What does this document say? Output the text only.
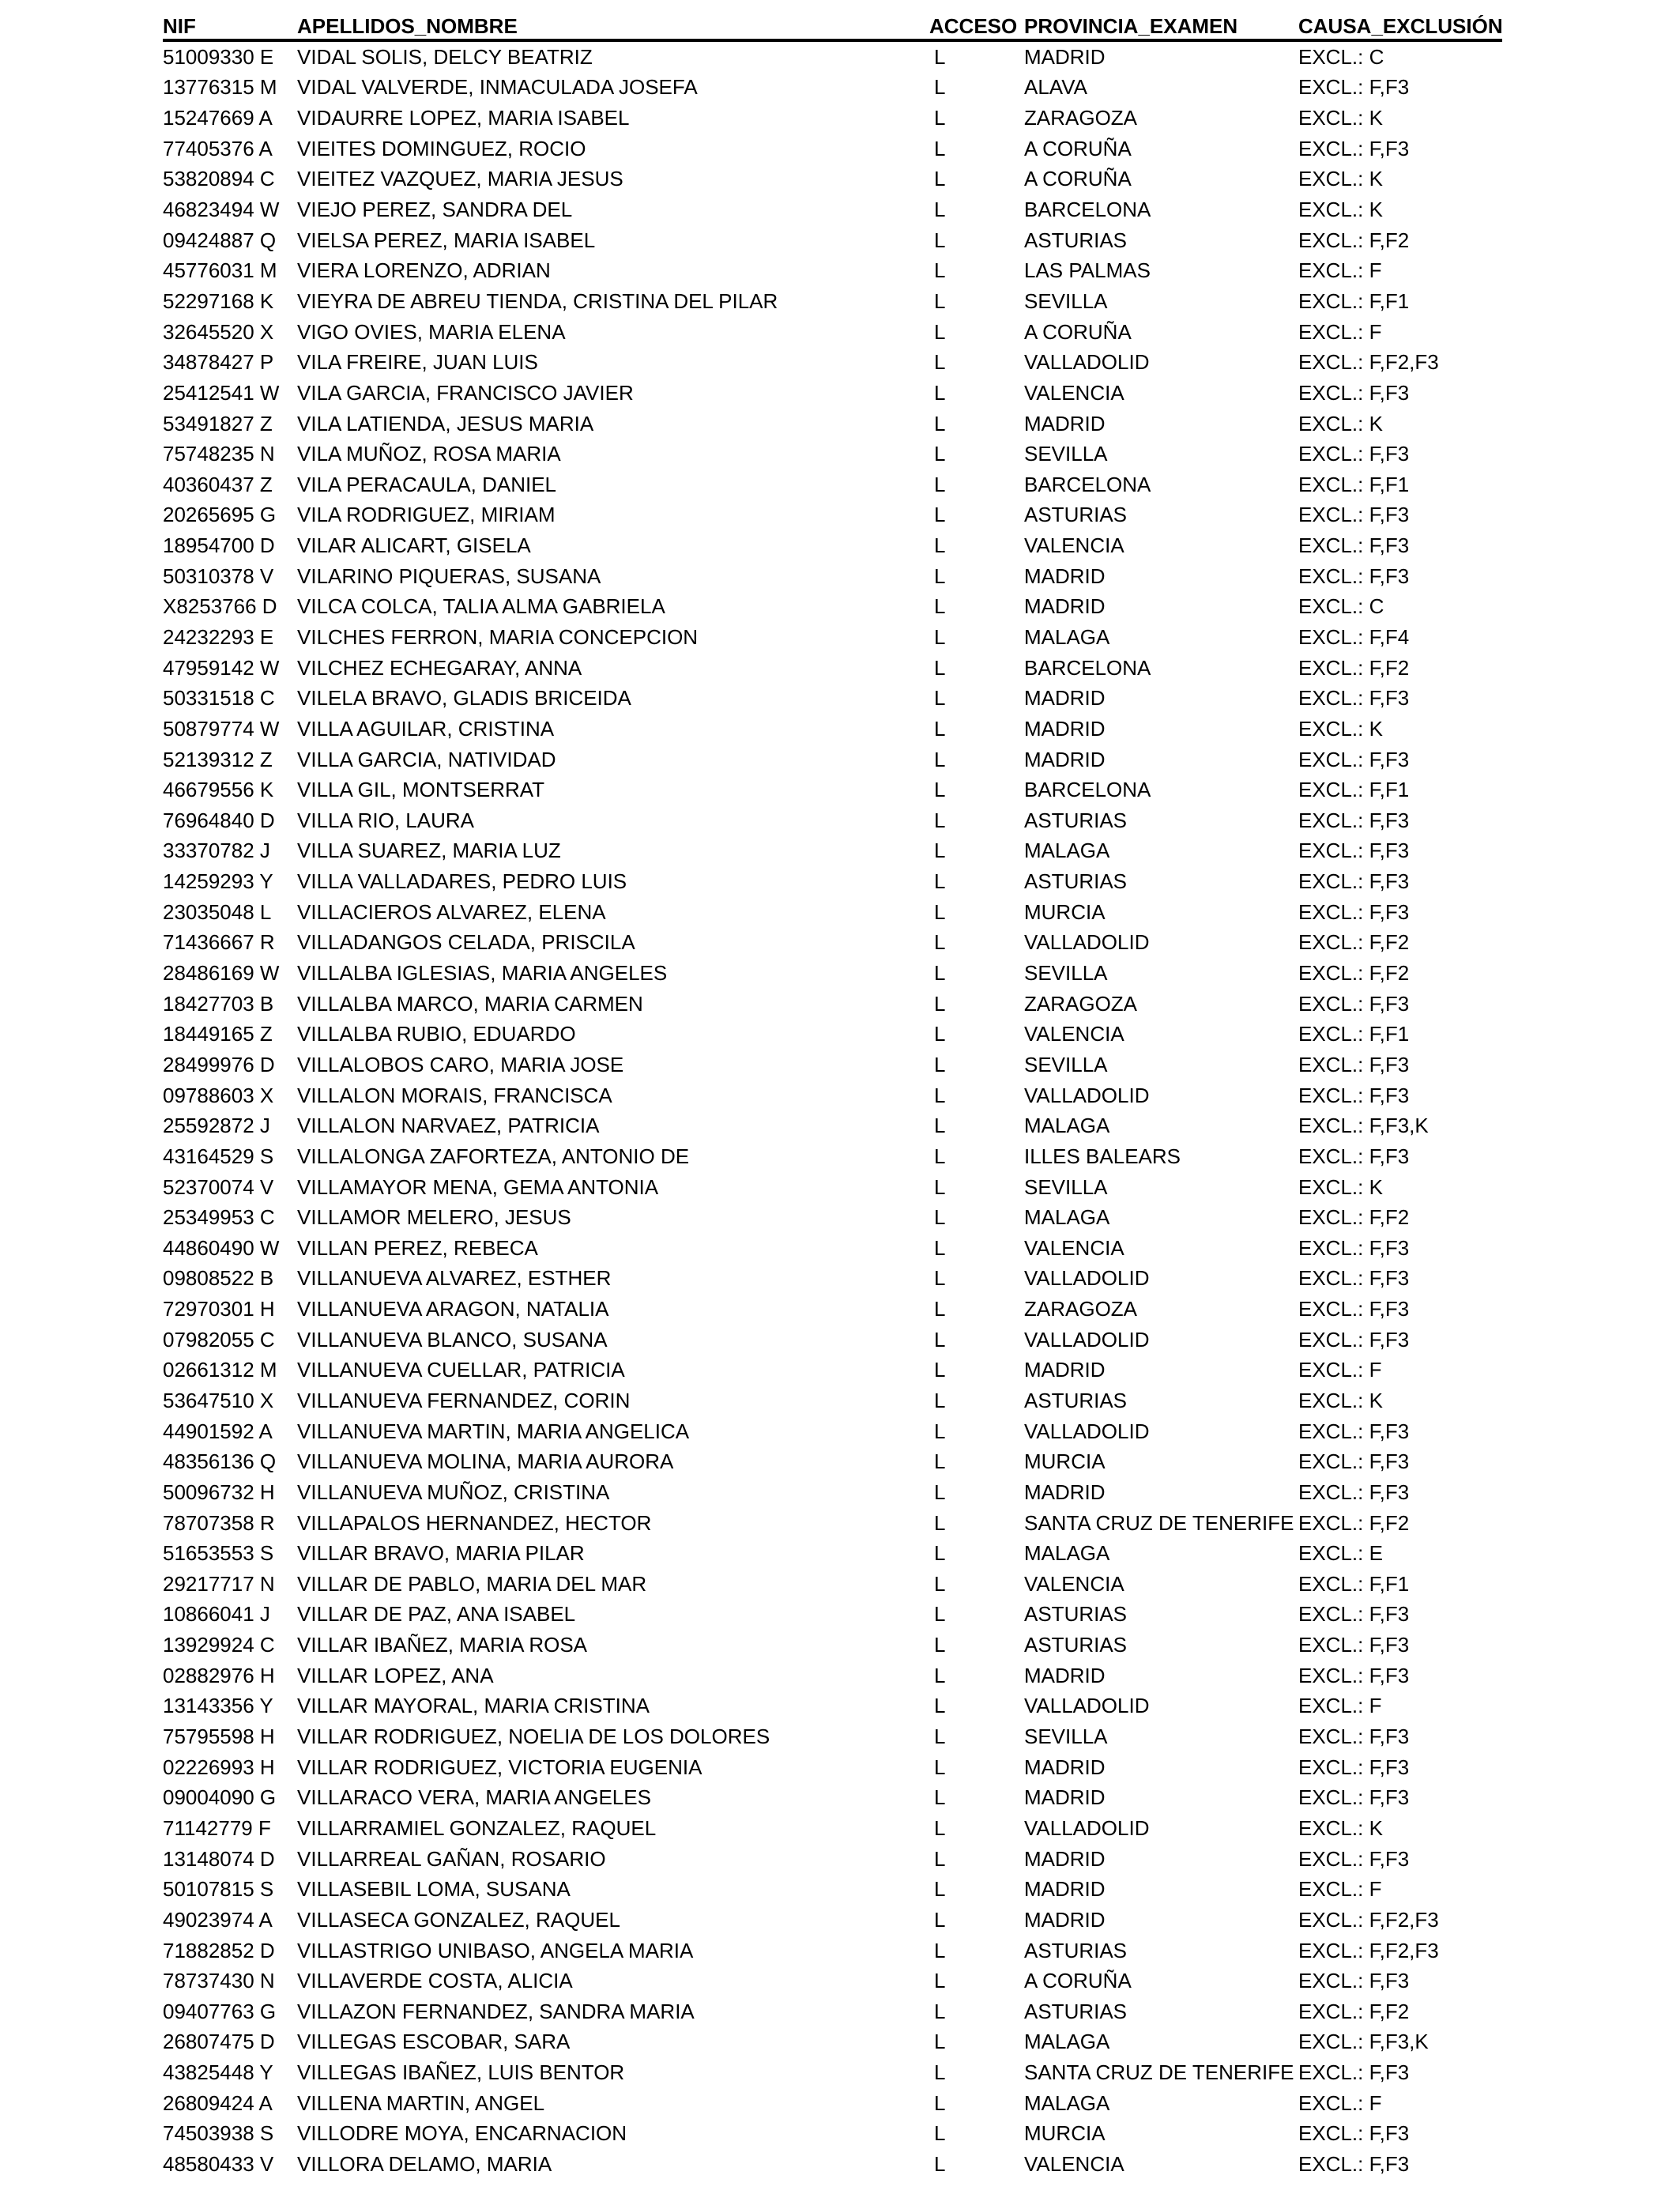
NIF	APELLIDOS_NOMBRE	ACCESO	PROVINCIA_EXAMEN	CAUSA_EXCLUSIÓN
51009330 E	VIDAL SOLIS, DELCY BEATRIZ	L	MADRID	EXCL.: C
13776315 M	VIDAL VALVERDE, INMACULADA JOSEFA	L	ALAVA	EXCL.: F,F3
15247669 A	VIDAURRE LOPEZ, MARIA ISABEL	L	ZARAGOZA	EXCL.: K
77405376 A	VIEITES DOMINGUEZ, ROCIO	L	A CORUÑA	EXCL.: F,F3
53820894 C	VIEITEZ VAZQUEZ, MARIA JESUS	L	A CORUÑA	EXCL.: K
46823494 W	VIEJO PEREZ, SANDRA DEL	L	BARCELONA	EXCL.: K
09424887 Q	VIELSA PEREZ, MARIA ISABEL	L	ASTURIAS	EXCL.: F,F2
45776031 M	VIERA LORENZO, ADRIAN	L	LAS PALMAS	EXCL.: F
52297168 K	VIEYRA DE ABREU TIENDA, CRISTINA DEL PILAR	L	SEVILLA	EXCL.: F,F1
32645520 X	VIGO OVIES, MARIA ELENA	L	A CORUÑA	EXCL.: F
34878427 P	VILA FREIRE, JUAN LUIS	L	VALLADOLID	EXCL.: F,F2,F3
25412541 W	VILA GARCIA, FRANCISCO JAVIER	L	VALENCIA	EXCL.: F,F3
53491827 Z	VILA LATIENDA, JESUS MARIA	L	MADRID	EXCL.: K
75748235 N	VILA MUÑOZ, ROSA MARIA	L	SEVILLA	EXCL.: F,F3
40360437 Z	VILA PERACAULA, DANIEL	L	BARCELONA	EXCL.: F,F1
20265695 G	VILA RODRIGUEZ, MIRIAM	L	ASTURIAS	EXCL.: F,F3
18954700 D	VILAR ALICART, GISELA	L	VALENCIA	EXCL.: F,F3
50310378 V	VILARINO PIQUERAS, SUSANA	L	MADRID	EXCL.: F,F3
X8253766 D	VILCA COLCA, TALIA ALMA GABRIELA	L	MADRID	EXCL.: C
24232293 E	VILCHES FERRON, MARIA CONCEPCION	L	MALAGA	EXCL.: F,F4
47959142 W	VILCHEZ ECHEGARAY, ANNA	L	BARCELONA	EXCL.: F,F2
50331518 C	VILELA BRAVO, GLADIS BRICEIDA	L	MADRID	EXCL.: F,F3
50879774 W	VILLA AGUILAR, CRISTINA	L	MADRID	EXCL.: K
52139312 Z	VILLA GARCIA, NATIVIDAD	L	MADRID	EXCL.: F,F3
46679556 K	VILLA GIL, MONTSERRAT	L	BARCELONA	EXCL.: F,F1
76964840 D	VILLA RIO, LAURA	L	ASTURIAS	EXCL.: F,F3
33370782 J	VILLA SUAREZ, MARIA LUZ	L	MALAGA	EXCL.: F,F3
14259293 Y	VILLA VALLADARES, PEDRO LUIS	L	ASTURIAS	EXCL.: F,F3
23035048 L	VILLACIEROS ALVAREZ, ELENA	L	MURCIA	EXCL.: F,F3
71436667 R	VILLADANGOS CELADA, PRISCILA	L	VALLADOLID	EXCL.: F,F2
28486169 W	VILLALBA IGLESIAS, MARIA ANGELES	L	SEVILLA	EXCL.: F,F2
18427703 B	VILLALBA MARCO, MARIA CARMEN	L	ZARAGOZA	EXCL.: F,F3
18449165 Z	VILLALBA RUBIO, EDUARDO	L	VALENCIA	EXCL.: F,F1
28499976 D	VILLALOBOS CARO, MARIA JOSE	L	SEVILLA	EXCL.: F,F3
09788603 X	VILLALON MORAIS, FRANCISCA	L	VALLADOLID	EXCL.: F,F3
25592872 J	VILLALON NARVAEZ, PATRICIA	L	MALAGA	EXCL.: F,F3,K
43164529 S	VILLALONGA ZAFORTEZA, ANTONIO DE	L	ILLES BALEARS	EXCL.: F,F3
52370074 V	VILLAMAYOR MENA, GEMA ANTONIA	L	SEVILLA	EXCL.: K
25349953 C	VILLAMOR MELERO, JESUS	L	MALAGA	EXCL.: F,F2
44860490 W	VILLAN PEREZ, REBECA	L	VALENCIA	EXCL.: F,F3
09808522 B	VILLANUEVA ALVAREZ, ESTHER	L	VALLADOLID	EXCL.: F,F3
72970301 H	VILLANUEVA ARAGON, NATALIA	L	ZARAGOZA	EXCL.: F,F3
07982055 C	VILLANUEVA BLANCO, SUSANA	L	VALLADOLID	EXCL.: F,F3
02661312 M	VILLANUEVA CUELLAR, PATRICIA	L	MADRID	EXCL.: F
53647510 X	VILLANUEVA FERNANDEZ, CORIN	L	ASTURIAS	EXCL.: K
44901592 A	VILLANUEVA MARTIN, MARIA ANGELICA	L	VALLADOLID	EXCL.: F,F3
48356136 Q	VILLANUEVA MOLINA, MARIA AURORA	L	MURCIA	EXCL.: F,F3
50096732 H	VILLANUEVA MUÑOZ, CRISTINA	L	MADRID	EXCL.: F,F3
78707358 R	VILLAPALOS HERNANDEZ, HECTOR	L	SANTA CRUZ DE TENERIFE	EXCL.: F,F2
51653553 S	VILLAR BRAVO, MARIA PILAR	L	MALAGA	EXCL.: E
29217717 N	VILLAR DE PABLO, MARIA DEL MAR	L	VALENCIA	EXCL.: F,F1
10866041 J	VILLAR DE PAZ, ANA ISABEL	L	ASTURIAS	EXCL.: F,F3
13929924 C	VILLAR IBAÑEZ, MARIA ROSA	L	ASTURIAS	EXCL.: F,F3
02882976 H	VILLAR LOPEZ, ANA	L	MADRID	EXCL.: F,F3
13143356 Y	VILLAR MAYORAL, MARIA CRISTINA	L	VALLADOLID	EXCL.: F
75795598 H	VILLAR RODRIGUEZ, NOELIA DE LOS DOLORES	L	SEVILLA	EXCL.: F,F3
02226993 H	VILLAR RODRIGUEZ, VICTORIA EUGENIA	L	MADRID	EXCL.: F,F3
09004090 G	VILLARACO VERA, MARIA ANGELES	L	MADRID	EXCL.: F,F3
71142779 F	VILLARRAMIEL GONZALEZ, RAQUEL	L	VALLADOLID	EXCL.: K
13148074 D	VILLARREAL GAÑAN, ROSARIO	L	MADRID	EXCL.: F,F3
50107815 S	VILLASEBIL LOMA, SUSANA	L	MADRID	EXCL.: F
49023974 A	VILLASECA GONZALEZ, RAQUEL	L	MADRID	EXCL.: F,F2,F3
71882852 D	VILLASTRIGO UNIBASO, ANGELA MARIA	L	ASTURIAS	EXCL.: F,F2,F3
78737430 N	VILLAVERDE COSTA, ALICIA	L	A CORUÑA	EXCL.: F,F3
09407763 G	VILLAZON FERNANDEZ, SANDRA MARIA	L	ASTURIAS	EXCL.: F,F2
26807475 D	VILLEGAS ESCOBAR, SARA	L	MALAGA	EXCL.: F,F3,K
43825448 Y	VILLEGAS IBAÑEZ, LUIS BENTOR	L	SANTA CRUZ DE TENERIFE	EXCL.: F,F3
26809424 A	VILLENA MARTIN, ANGEL	L	MALAGA	EXCL.: F
74503938 S	VILLODRE MOYA, ENCARNACION	L	MURCIA	EXCL.: F,F3
48580433 V	VILLORA DELAMO, MARIA	L	VALENCIA	EXCL.: F,F3
